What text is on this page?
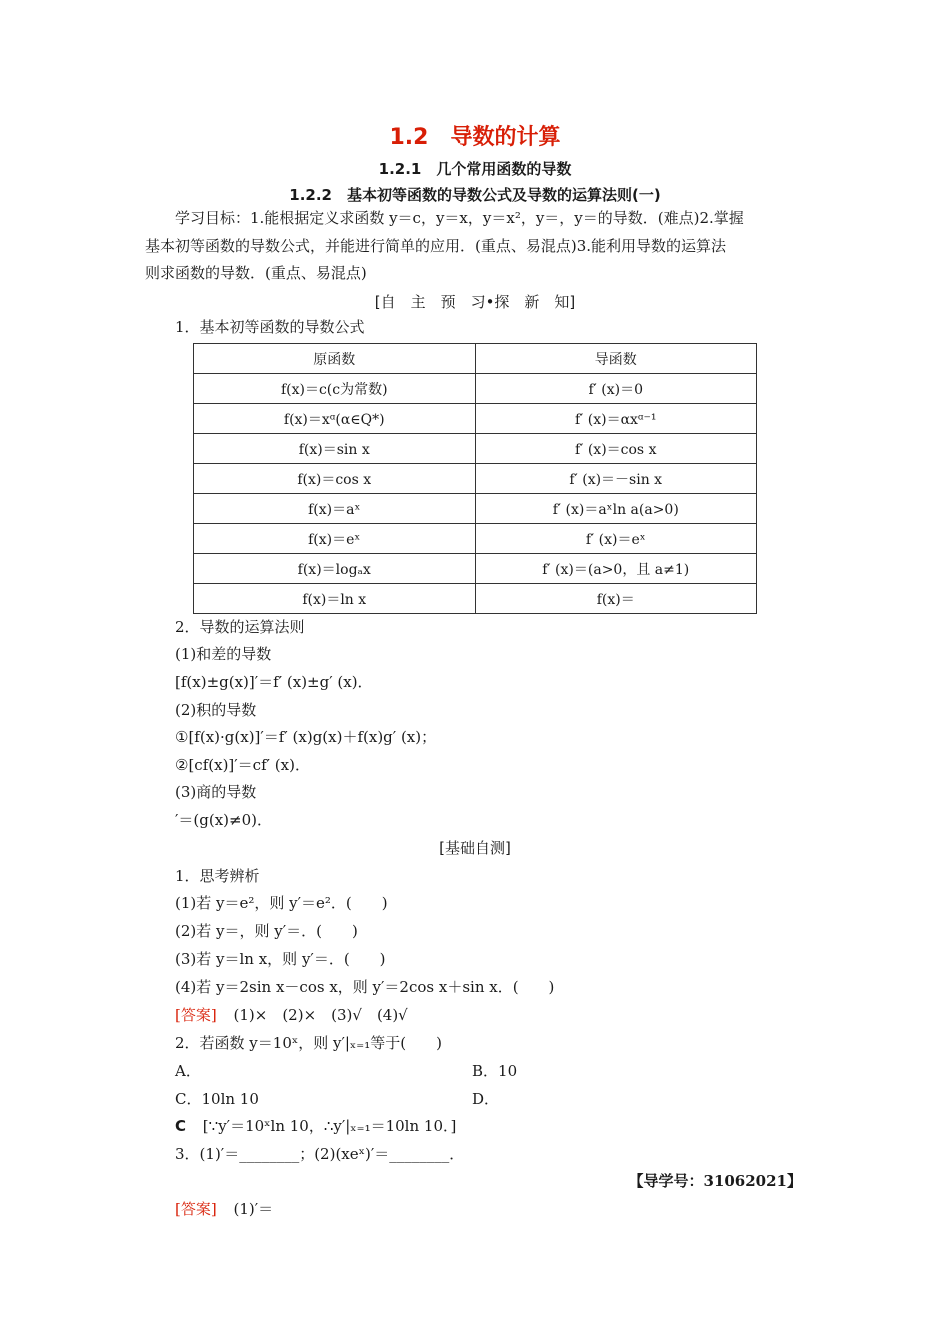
1.2　导数的计算
1.2.1　几个常用函数的导数
1.2.2　基本初等函数的导数公式及导数的运算法则(一)
学习目标：1.能根据定义求函数 y＝c，y＝x，y＝x²，y＝，y＝的导数．(难点)2.掌握
基本初等函数的导数公式，并能进行简单的应用．(重点、易混点)3.能利用导数的运算法
则求函数的导数．(重点、易混点)
[自　主　预　习•探　新　知]
1．基本初等函数的导数公式
原函数	导函数
f(x)＝c(c为常数)	f′ (x)＝0
f(x)＝xᵅ(α∈Q*)	f′ (x)＝αxᵅ⁻¹
f(x)＝sin x	f′ (x)＝cos x
f(x)＝cos x	f′ (x)＝－sin x
f(x)＝aˣ	f′ (x)＝aˣln a(a>0)
f(x)＝eˣ	f′ (x)＝eˣ
f(x)＝logₐx	f′ (x)＝(a>0，且 a≠1)
f(x)＝ln x	f(x)＝
2．导数的运算法则
(1)和差的导数
[f(x)±g(x)]′＝f′ (x)±g′ (x)．
(2)积的导数
①[f(x)·g(x)]′＝f′ (x)g(x)＋f(x)g′ (x)；
②[cf(x)]′＝cf′ (x)．
(3)商的导数
′＝(g(x)≠0)．
[基础自测]
1．思考辨析
(1)若 y＝e²，则 y′＝e²．(　　)
(2)若 y＝，则 y′＝．(　　)
(3)若 y＝ln x，则 y′＝．(　　)
(4)若 y＝2sin x－cos x，则 y′＝2cos x＋sin x．(　　)
[答案] (1)×　(2)×　(3)√　(4)√
2．若函数 y＝10ˣ，则 y′|ₓ₌₁等于(　　)
A．	B．10
C．10ln 10	D．
C [∵y′＝10ˣln 10，∴y′|ₓ₌₁＝10ln 10．]
3．(1)′＝________；(2)(xeˣ)′＝________．
【导学号：31062021】
[答案] (1)′＝
